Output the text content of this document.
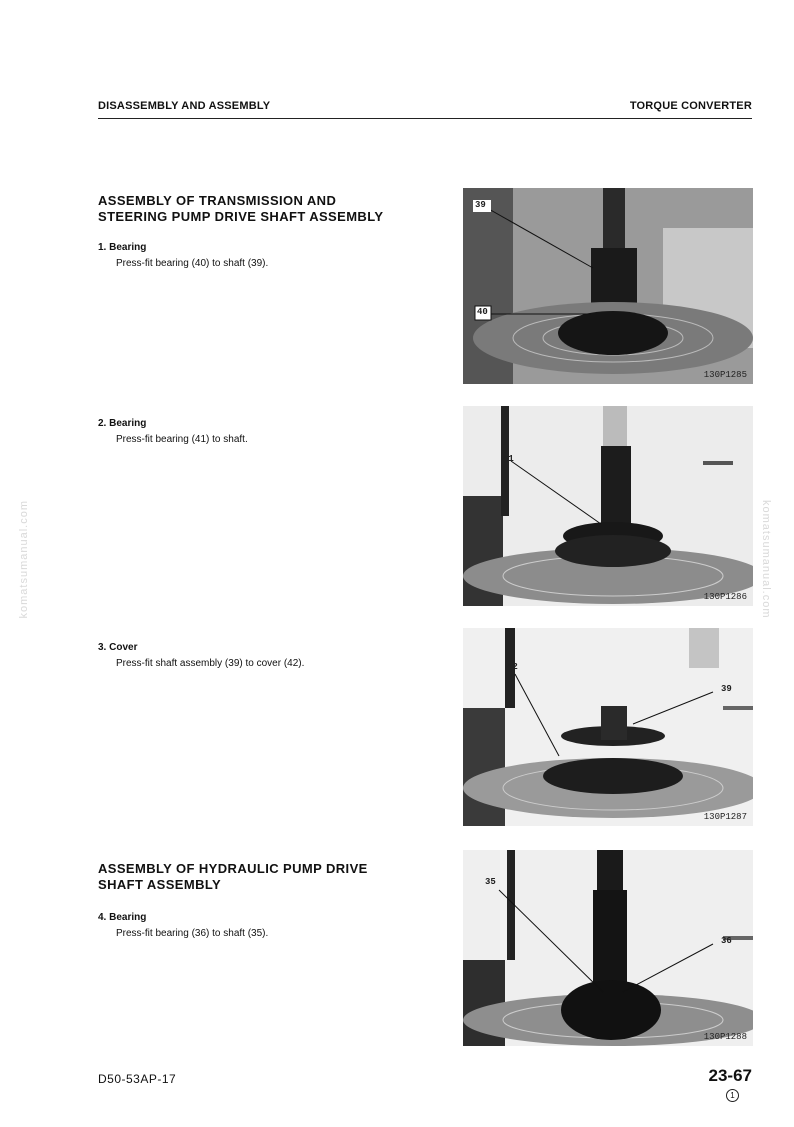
DISASSEMBLY AND ASSEMBLY	TORQUE CONVERTER
komatsumanual.com	komatsumanual.com
ASSEMBLY OF TRANSMISSION AND
STEERING PUMP DRIVE SHAFT ASSEMBLY
1. Bearing
Press-fit bearing (40) to shaft (39).
2. Bearing
Press-fit bearing (41) to shaft.
3. Cover
Press-fit shaft assembly (39) to cover (42).
ASSEMBLY OF HYDRAULIC PUMP DRIVE
SHAFT ASSEMBLY
4. Bearing
Press-fit bearing (36) to shaft (35).
39
40
130P1285
41
130P1286
42
39
130P1287
35
36
130P1288
D50-53AP-17	23-67
1
